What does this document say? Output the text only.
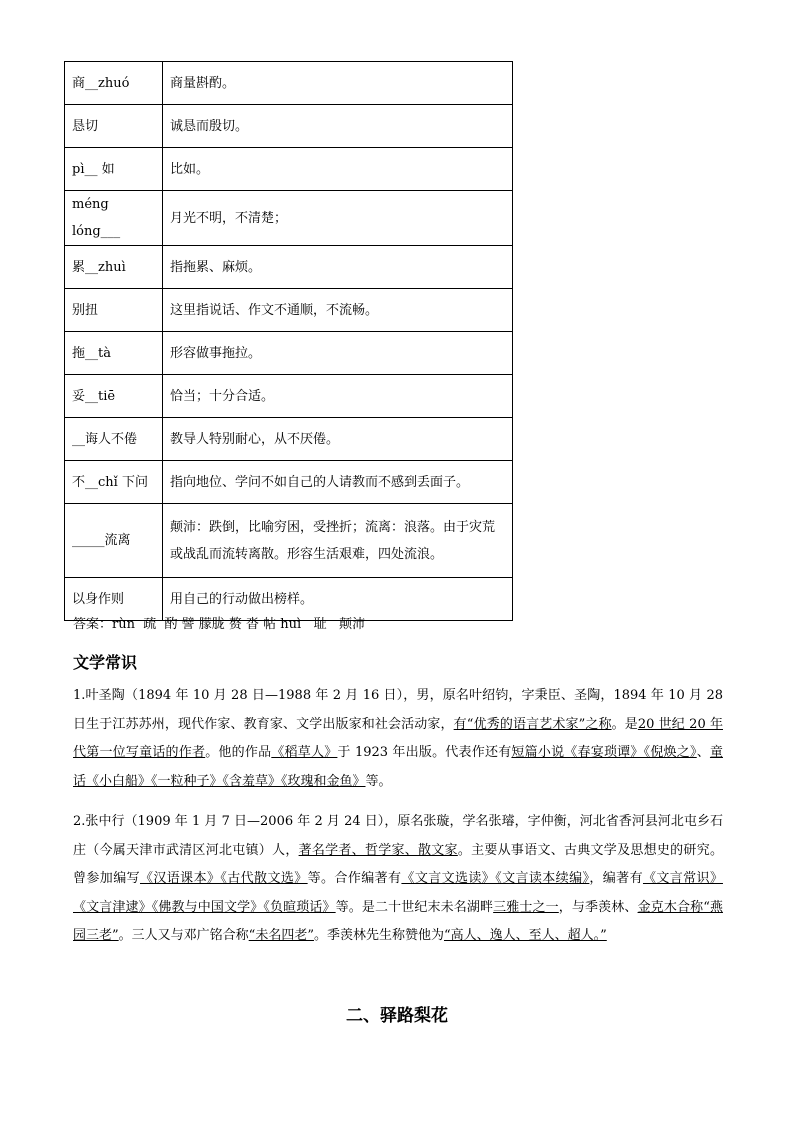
商__zhuó	商量斟酌。
恳切	诚恳而殷切。
pì__ 如	比如。
méng lóng___	月光不明，不清楚；
累__zhuì	指拖累、麻烦。
别扭	这里指说话、作文不通顺，不流畅。
拖__tà	形容做事拖拉。
妥__tiē	恰当；十分合适。
__诲人不倦	教导人特别耐心，从不厌倦。
不__chǐ 下问	指向地位、学问不如自己的人请教而不感到丢面子。
_____流离	颠沛：跌倒，比喻穷困，受挫折；流离：浪落。由于灾荒或战乱而流转离散。形容生活艰难，四处流浪。
以身作则	用自己的行动做出榜样。
答案：rùn  疏  酌 譬 朦胧 赘 沓 帖 huì   耻   颠沛
文学常识
1.叶圣陶（1894 年 10 月 28 日—1988 年 2 月 16 日），男，原名叶绍钧，字秉臣、圣陶，1894 年 10 月 28 日生于江苏苏州，现代作家、教育家、文学出版家和社会活动家，有“优秀的语言艺术家”之称。是20 世纪 20 年代第一位写童话的作者。他的作品《稻草人》于 1923 年出版。代表作还有短篇小说《春宴琐谭》《倪焕之》、童话《小白船》《一粒种子》《含羞草》《玫瑰和金鱼》等。
2.张中行（1909 年 1 月 7 日—2006 年 2 月 24 日），原名张璇，学名张璿，字仲衡，河北省香河县河北屯乡石庄（今属天津市武清区河北屯镇）人，著名学者、哲学家、散文家。主要从事语文、古典文学及思想史的研究。曾参加编写《汉语课本》《古代散文选》等。合作编著有《文言文选读》《文言读本续编》，编著有《文言常识》《文言津逮》《佛教与中国文学》《负暄琐话》等。是二十世纪末未名湖畔三雅士之一，与季羡林、金克木合称“燕园三老”。三人又与邓广铭合称“未名四老”。季羡林先生称赞他为“高人、逸人、至人、超人。”
二、驿路梨花
